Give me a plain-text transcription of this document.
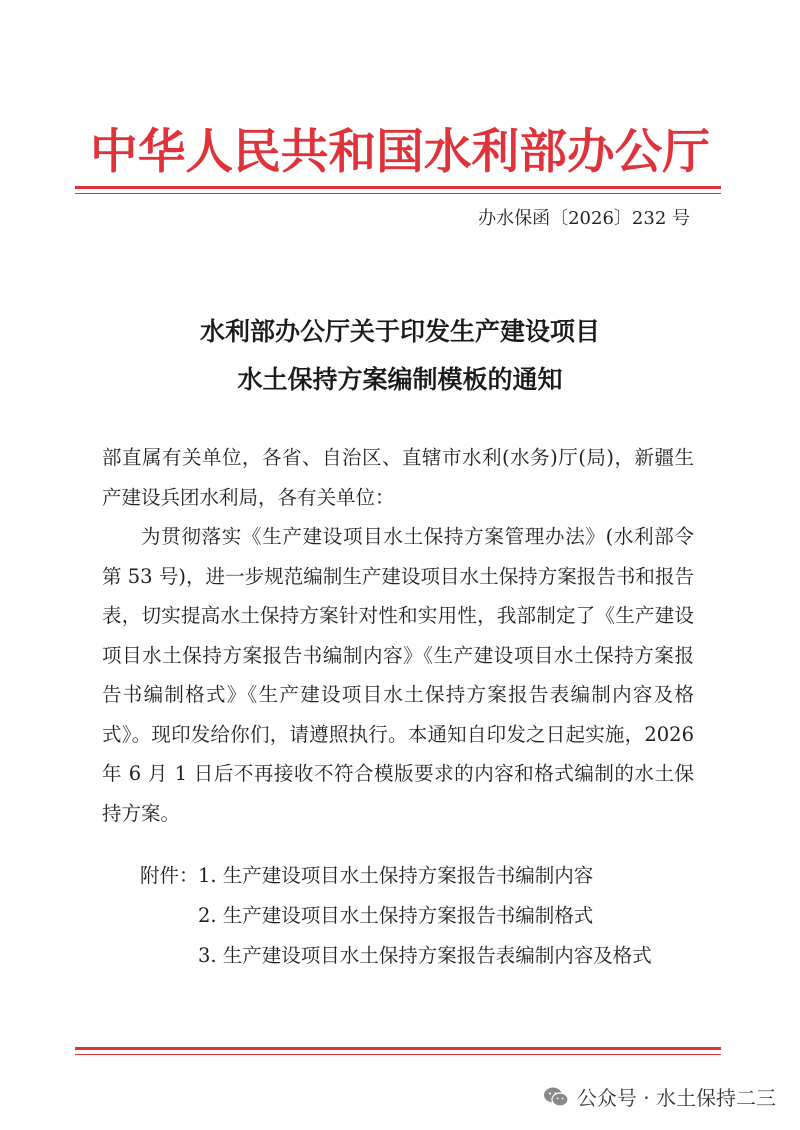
中华人民共和国水利部办公厅
办水保函〔2026〕232 号
水利部办公厅关于印发生产建设项目
水土保持方案编制模板的通知

部直属有关单位，各省、自治区、直辖市水利(水务)厅(局)，新疆生产建设兵团水利局，各有关单位：

为贯彻落实《生产建设项目水土保持方案管理办法》(水利部令第 53 号)，进一步规范编制生产建设项目水土保持方案报告书和报告表，切实提高水土保持方案针对性和实用性，我部制定了《生产建设项目水土保持方案报告书编制内容》《生产建设项目水土保持方案报告书编制格式》《生产建设项目水土保持方案报告表编制内容及格式》。现印发给你们，请遵照执行。本通知自印发之日起实施，2026 年 6 月 1 日后不再接收不符合模版要求的内容和格式编制的水土保持方案。

附件： 1. 生产建设项目水土保持方案报告书编制内容
2. 生产建设项目水土保持方案报告书编制格式
3. 生产建设项目水土保持方案报告表编制内容及格式
公众号 · 水土保持二三
